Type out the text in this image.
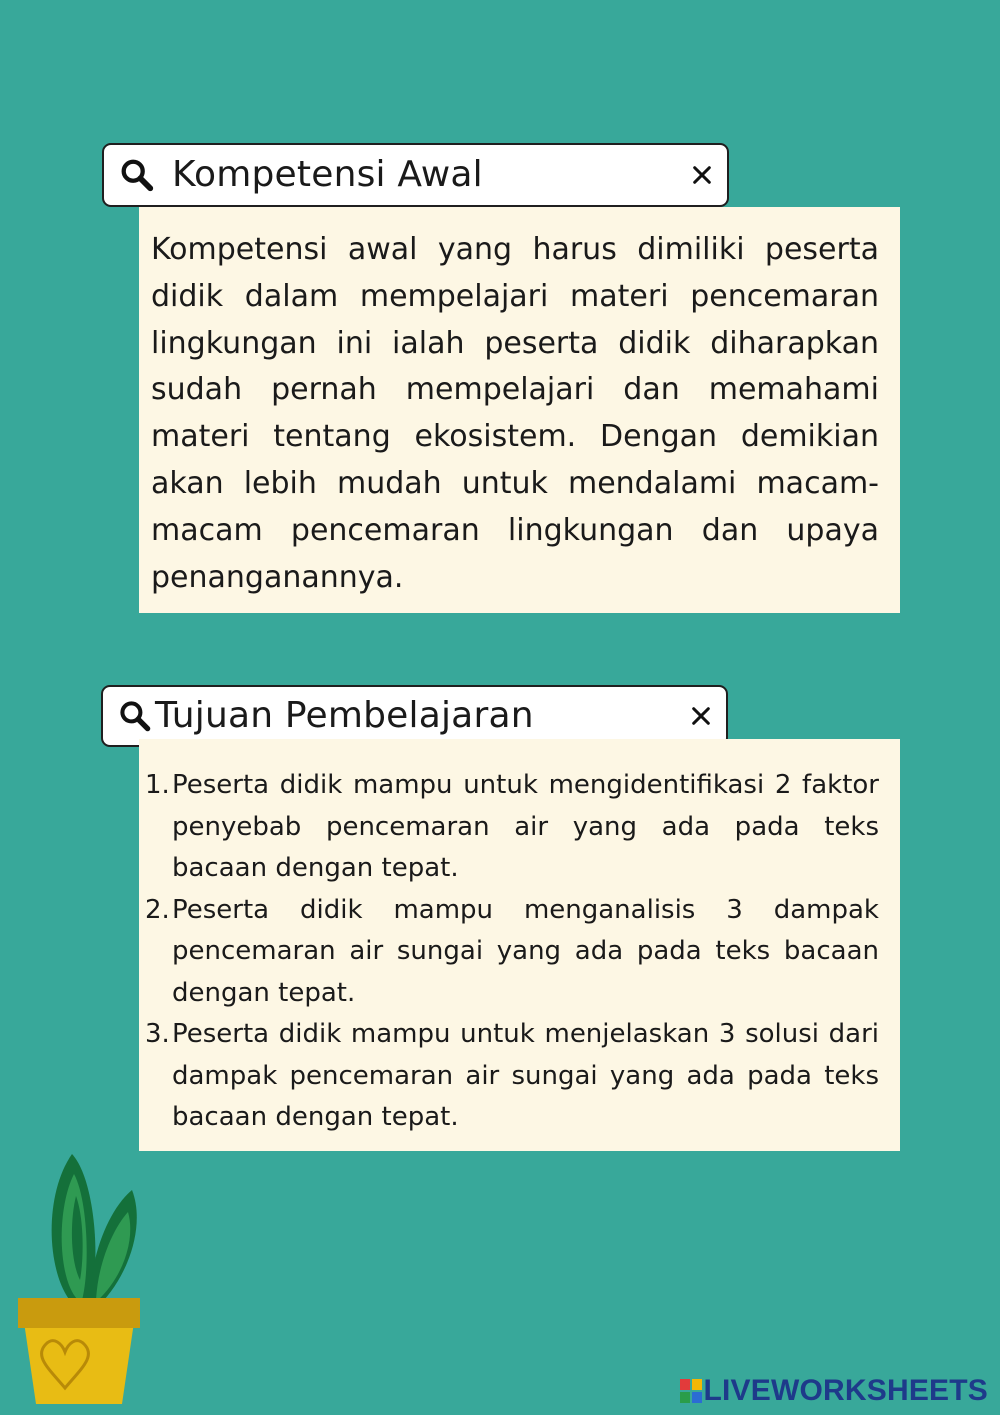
Kompetensi Awal

Kompetensi awal yang harus dimiliki peserta didik dalam mempelajari materi pencemaran lingkungan ini ialah peserta didik diharapkan sudah pernah mempelajari dan memahami materi tentang ekosistem. Dengan demikian akan lebih mudah untuk mendalami macam-macam pencemaran lingkungan dan upaya penanganannya.

Tujuan Pembelajaran
1. Peserta didik mampu untuk mengidentifikasi 2 faktor penyebab pencemaran air yang ada pada teks bacaan dengan tepat.
2. Peserta didik mampu menganalisis 3 dampak pencemaran air sungai yang ada pada teks bacaan dengan tepat.
3. Peserta didik mampu untuk menjelaskan 3 solusi dari dampak pencemaran air sungai yang ada pada teks bacaan dengan tepat.
LIVEWORKSHEETS
